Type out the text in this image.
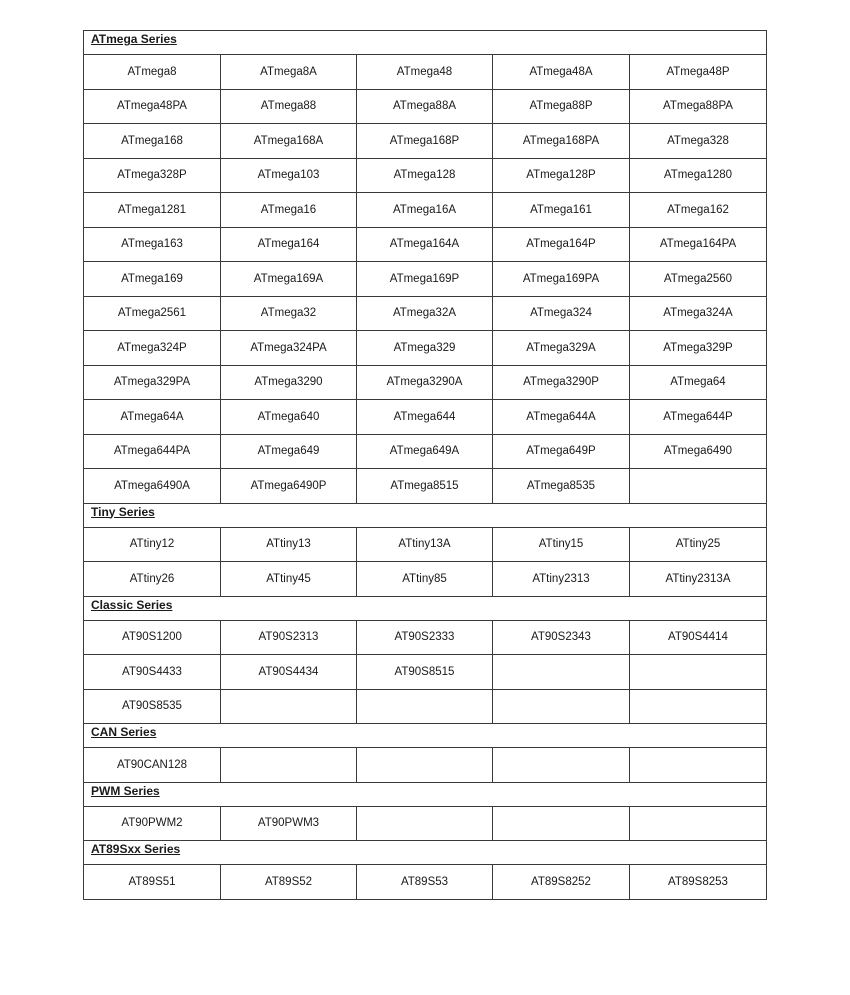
ATmega Series				
ATmega8	ATmega8A	ATmega48	ATmega48A	ATmega48P
ATmega48PA	ATmega88	ATmega88A	ATmega88P	ATmega88PA
ATmega168	ATmega168A	ATmega168P	ATmega168PA	ATmega328
ATmega328P	ATmega103	ATmega128	ATmega128P	ATmega1280
ATmega1281	ATmega16	ATmega16A	ATmega161	ATmega162
ATmega163	ATmega164	ATmega164A	ATmega164P	ATmega164PA
ATmega169	ATmega169A	ATmega169P	ATmega169PA	ATmega2560
ATmega2561	ATmega32	ATmega32A	ATmega324	ATmega324A
ATmega324P	ATmega324PA	ATmega329	ATmega329A	ATmega329P
ATmega329PA	ATmega3290	ATmega3290A	ATmega3290P	ATmega64
ATmega64A	ATmega640	ATmega644	ATmega644A	ATmega644P
ATmega644PA	ATmega649	ATmega649A	ATmega649P	ATmega6490
ATmega6490A	ATmega6490P	ATmega8515	ATmega8535	
Tiny Series				
ATtiny12	ATtiny13	ATtiny13A	ATtiny15	ATtiny25
ATtiny26	ATtiny45	ATtiny85	ATtiny2313	ATtiny2313A
Classic Series				
AT90S1200	AT90S2313	AT90S2333	AT90S2343	AT90S4414
AT90S4433	AT90S4434	AT90S8515		
AT90S8535				
CAN Series				
AT90CAN128				
PWM Series				
AT90PWM2	AT90PWM3			
AT89Sxx Series				
AT89S51	AT89S52	AT89S53	AT89S8252	AT89S8253
